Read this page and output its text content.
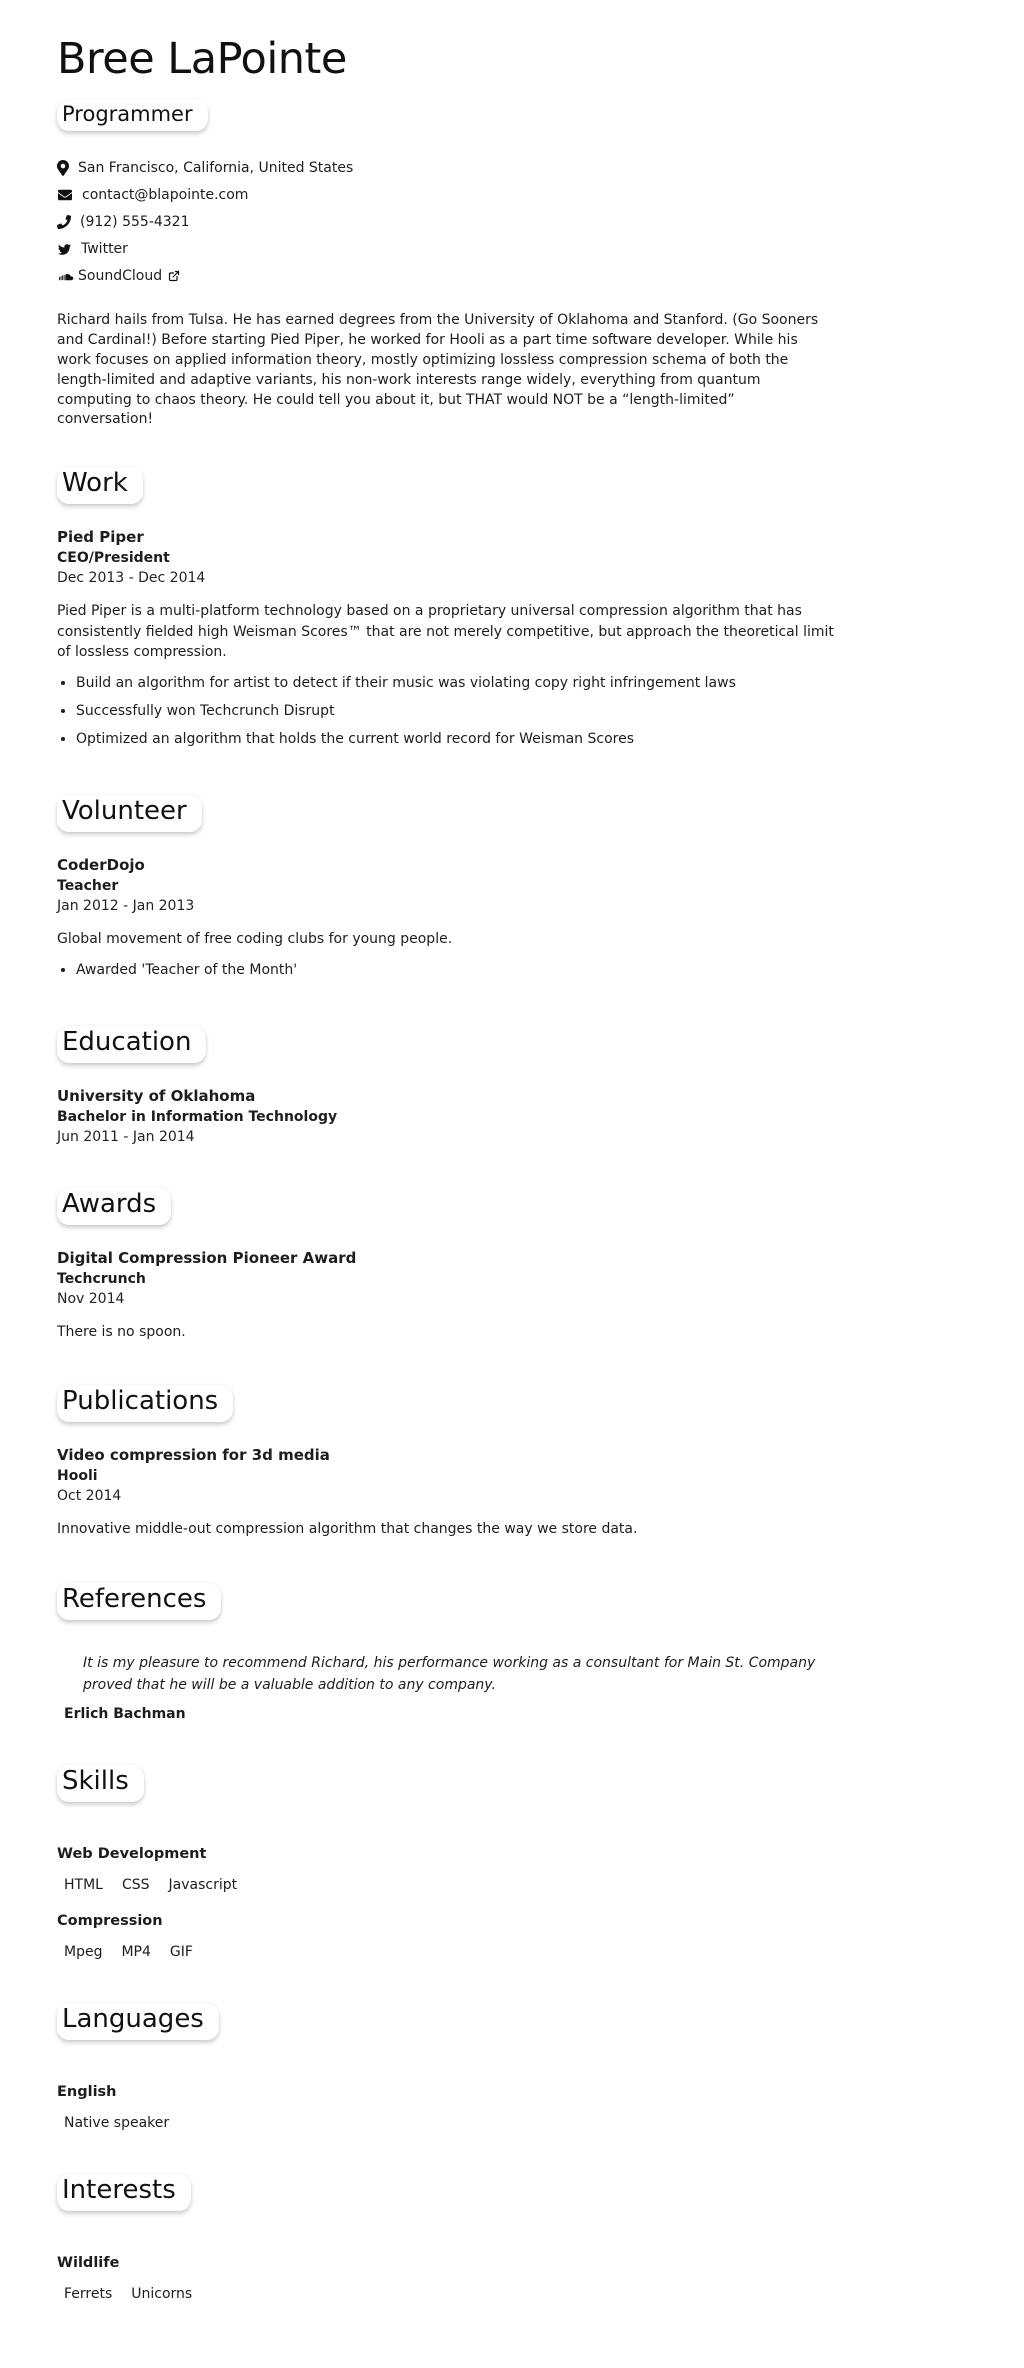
Bree LaPointe
Programmer
San Francisco, California, United States
contact@blapointe.com
(912) 555-4321
Twitter
SoundCloud

Richard hails from Tulsa. He has earned degrees from the University of Oklahoma and Stanford. (Go Sooners and Cardinal!) Before starting Pied Piper, he worked for Hooli as a part time software developer. While his work focuses on applied information theory, mostly optimizing lossless compression schema of both the length-limited and adaptive variants, his non-work interests range widely, everything from quantum computing to chaos theory. He could tell you about it, but THAT would NOT be a “length-limited” conversation!

Work

Pied Piper

CEO/President

Dec 2013 - Dec 2014

Pied Piper is a multi-platform technology based on a proprietary universal compression algorithm that has consistently fielded high Weisman Scores™ that are not merely competitive, but approach the theoretical limit of lossless compression.

• Build an algorithm for artist to detect if their music was violating copy right infringement laws
• Successfully won Techcrunch Disrupt
• Optimized an algorithm that holds the current world record for Weisman Scores
Volunteer

CoderDojo

Teacher

Jan 2012 - Jan 2013

Global movement of free coding clubs for young people.

• Awarded 'Teacher of the Month'
Education

University of Oklahoma

Bachelor in Information Technology

Jun 2011 - Jan 2014

Awards

Digital Compression Pioneer Award

Techcrunch

Nov 2014

There is no spoon.

Publications

Video compression for 3d media

Hooli

Oct 2014

Innovative middle-out compression algorithm that changes the way we store data.

References
It is my pleasure to recommend Richard, his performance working as a consultant for Main St. Company proved that he will be a valuable addition to any company.

Erlich Bachman

Skills

Web Development

HTML CSS Javascript

Compression

Mpeg MP4 GIF
Languages

English

Native speaker

Interests

Wildlife

Ferrets Unicorns
